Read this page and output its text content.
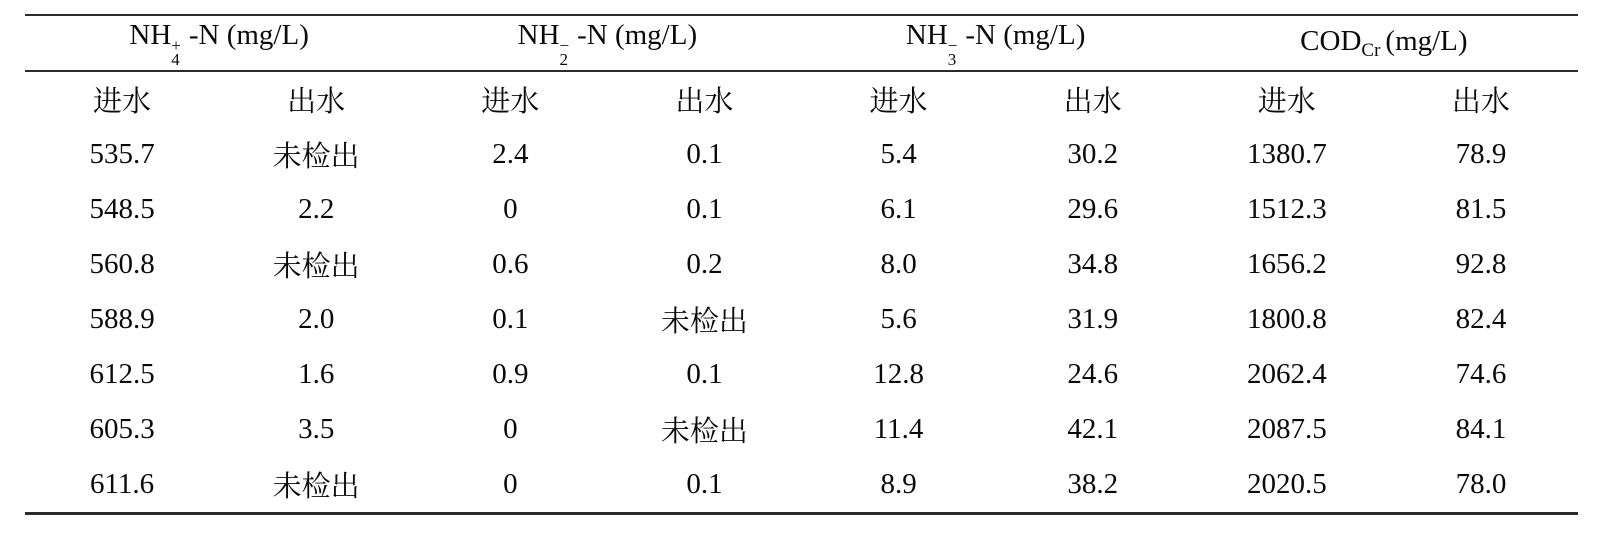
NH +
4
-N (mg/L)		NH −
2
-N (mg/L)		NH −
3
-N (mg/L)		$COD_{Cr}$ (mg/L)	
进水	出水	进水	出水	进水	出水	进水	出水
535.7	未检出	2.4	0.1	5.4	30.2	1380.7	78.9
548.5	2.2	0	0.1	6.1	29.6	1512.3	81.5
560.8	未检出	0.6	0.2	8.0	34.8	1656.2	92.8
588.9	2.0	0.1	未检出	5.6	31.9	1800.8	82.4
612.5	1.6	0.9	0.1	12.8	24.6	2062.4	74.6
605.3	3.5	0	未检出	11.4	42.1	2087.5	84.1
611.6	未检出	0	0.1	8.9	38.2	2020.5	78.0
